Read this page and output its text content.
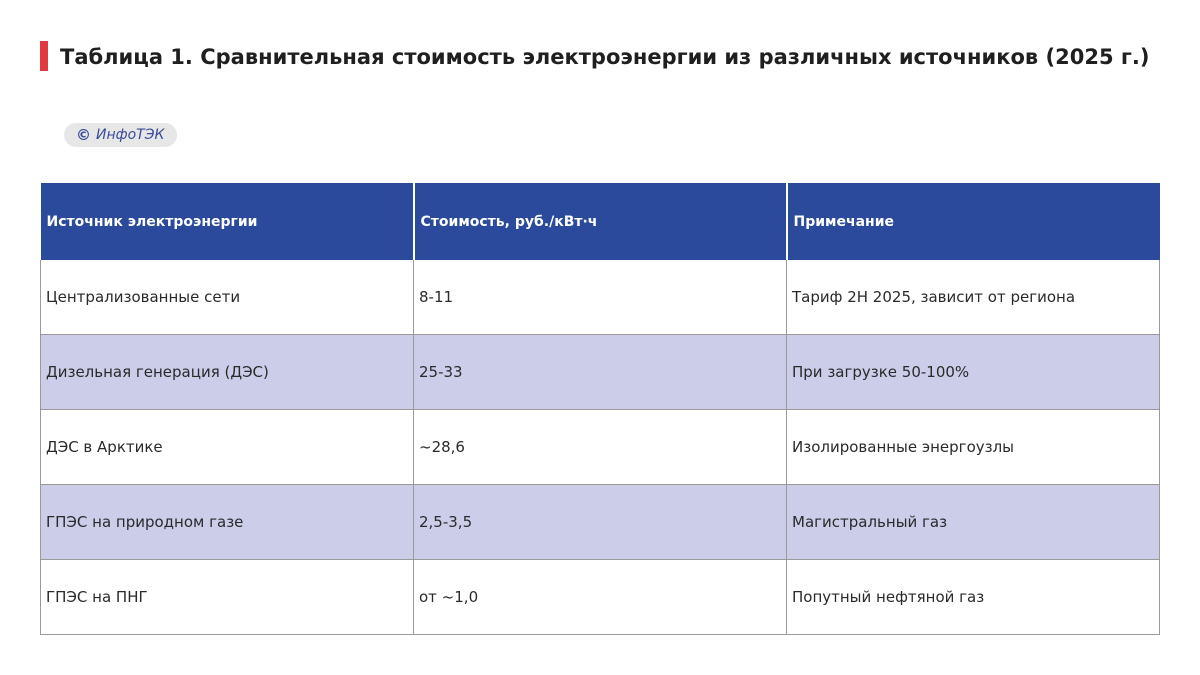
Таблица 1. Сравнительная стоимость электроэнергии из различных источников (2025 г.)
© ИнфоТЭК
Источник электроэнергии	Стоимость, руб./кВт·ч	Примечание
Централизованные сети	8-11	Тариф 2H 2025, зависит от региона
Дизельная генерация (ДЭС)	25-33	При загрузке 50-100%
ДЭС в Арктике	~28,6	Изолированные энергоузлы
ГПЭС на природном газе	2,5-3,5	Магистральный газ
ГПЭС на ПНГ	от ~1,0	Попутный нефтяной газ
